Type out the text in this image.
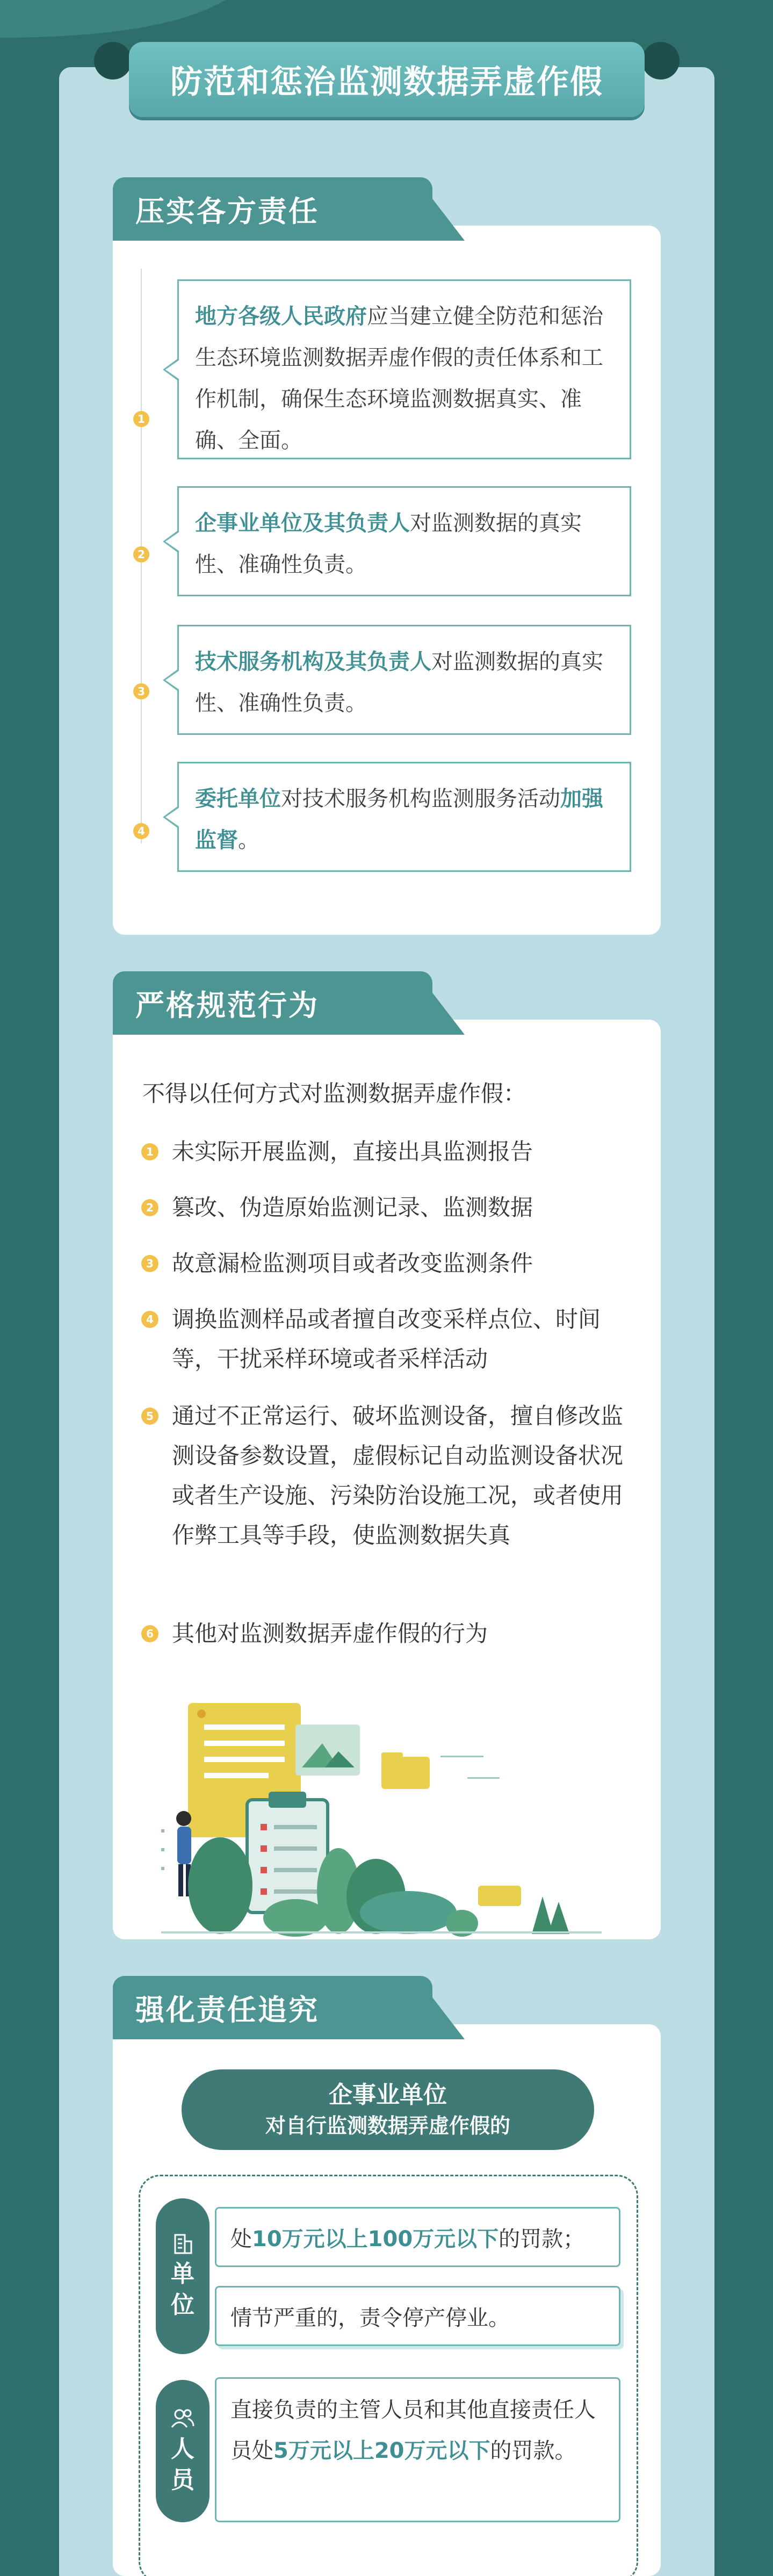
防范和惩治监测数据弄虚作假
压实各方责任
1
地方各级人民政府应当建立健全防范和惩治生态环境监测数据弄虚作假的责任体系和工作机制，确保生态环境监测数据真实、准确、全面。
2
企事业单位及其负责人对监测数据的真实性、准确性负责。
3
技术服务机构及其负责人对监测数据的真实性、准确性负责。
4
委托单位对技术服务机构监测服务活动加强监督。
严格规范行为
不得以任何方式对监测数据弄虚作假：
1 未实际开展监测，直接出具监测报告
2 篡改、伪造原始监测记录、监测数据
3 故意漏检监测项目或者改变监测条件
4 调换监测样品或者擅自改变采样点位、时间等，干扰采样环境或者采样活动
5 通过不正常运行、破坏监测设备，擅自修改监测设备参数设置，虚假标记自动监测设备状况或者生产设施、污染防治设施工况，或者使用作弊工具等手段，使监测数据失真
6 其他对监测数据弄虚作假的行为
强化责任追究
企事业单位
对自行监测数据弄虚作假的
单
位
处10万元以上100万元以下的罚款；
情节严重的，责令停产停业。
人
员
直接负责的主管人员和其他直接责任人员处5万元以上20万元以下的罚款。
